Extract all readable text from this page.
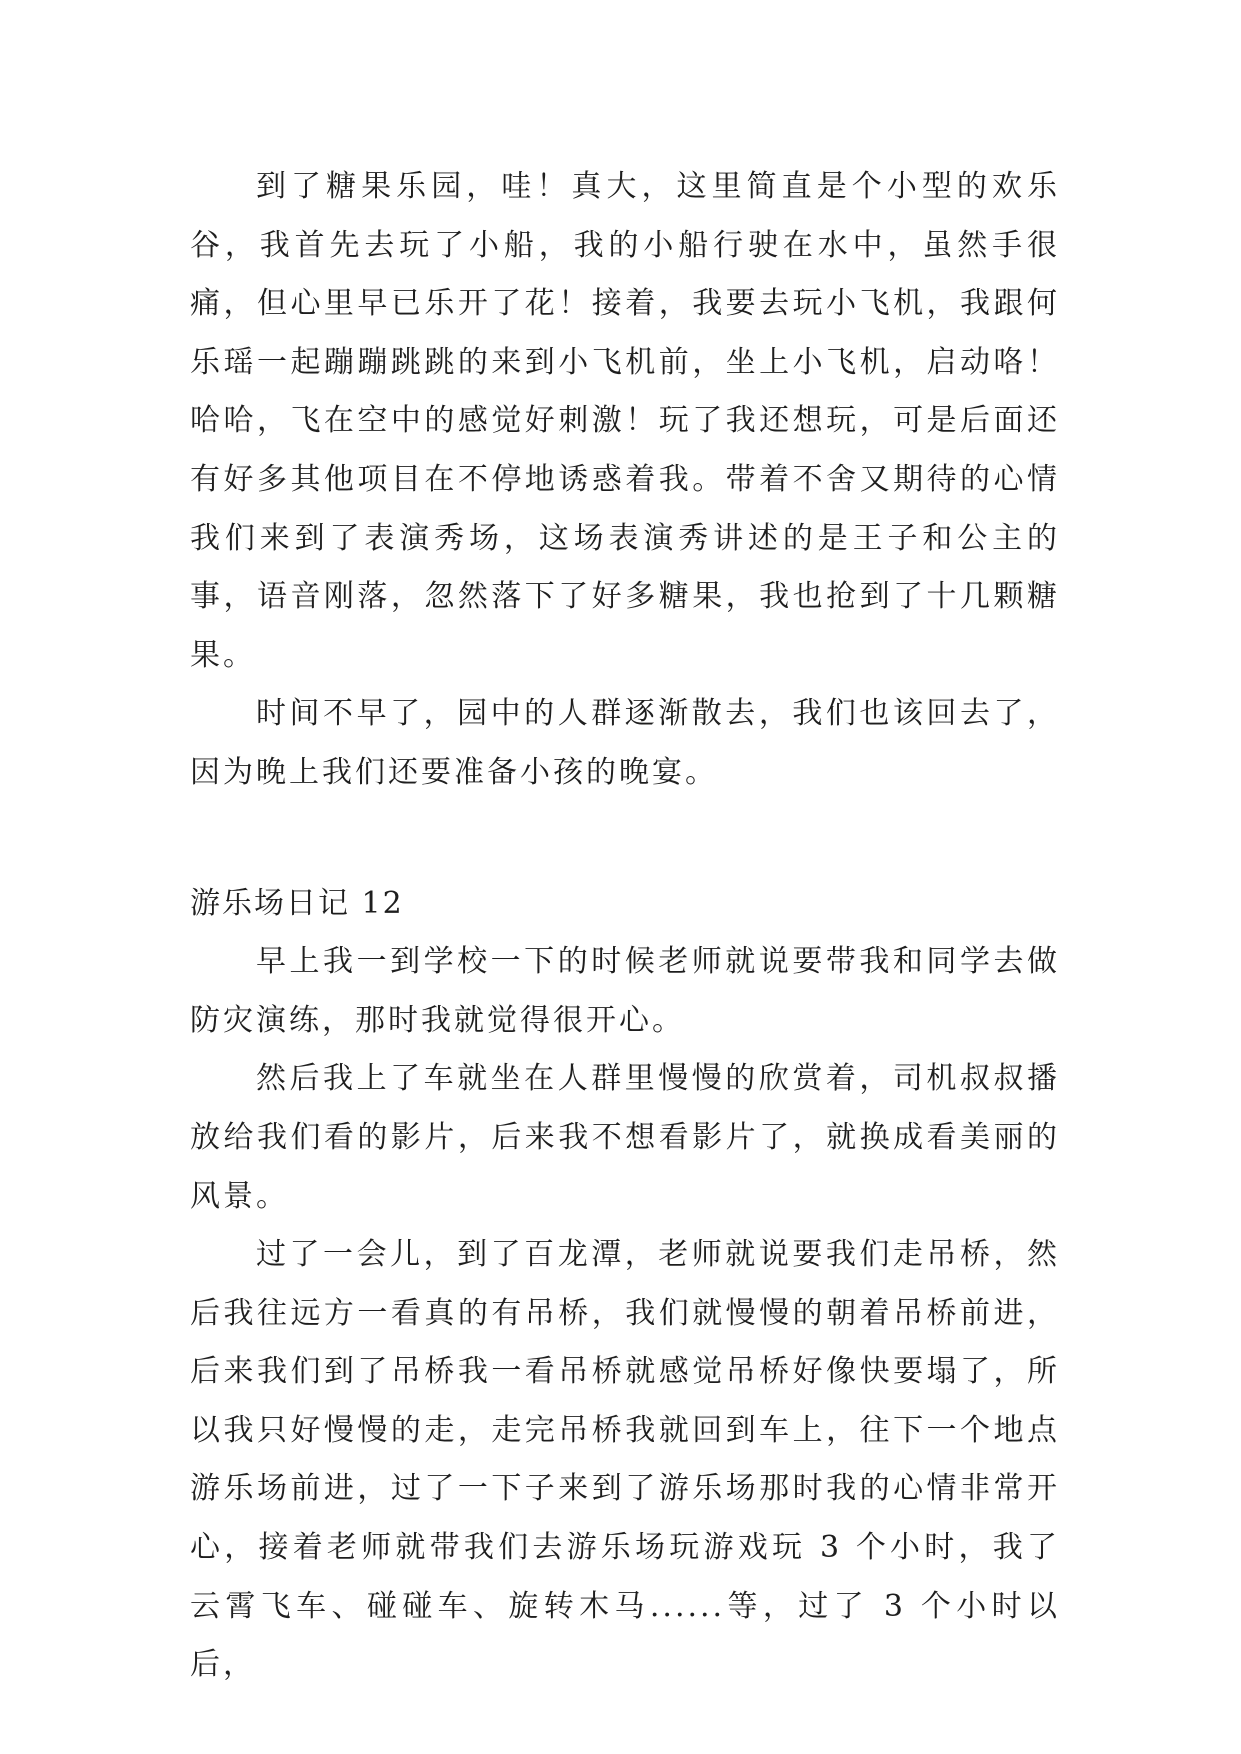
到了糖果乐园，哇！真大，这里简直是个小型的欢乐谷，我首先去玩了小船，我的小船行驶在水中，虽然手很痛，但心里早已乐开了花！接着，我要去玩小飞机，我跟何乐瑶一起蹦蹦跳跳的来到小飞机前，坐上小飞机，启动咯！哈哈，飞在空中的感觉好刺激！玩了我还想玩，可是后面还有好多其他项目在不停地诱惑着我。带着不舍又期待的心情我们来到了表演秀场，这场表演秀讲述的是王子和公主的事，语音刚落，忽然落下了好多糖果，我也抢到了十几颗糖果。

时间不早了，园中的人群逐渐散去，我们也该回去了，因为晚上我们还要准备小孩的晚宴。

游乐场日记 12

早上我一到学校一下的时候老师就说要带我和同学去做防灾演练，那时我就觉得很开心。

然后我上了车就坐在人群里慢慢的欣赏着，司机叔叔播放给我们看的影片，后来我不想看影片了，就换成看美丽的风景。

过了一会儿，到了百龙潭，老师就说要我们走吊桥，然后我往远方一看真的有吊桥，我们就慢慢的朝着吊桥前进，后来我们到了吊桥我一看吊桥就感觉吊桥好像快要塌了，所以我只好慢慢的走，走完吊桥我就回到车上，往下一个地点游乐场前进，过了一下子来到了游乐场那时我的心情非常开心，接着老师就带我们去游乐场玩游戏玩 3 个小时，我了云霄飞车、碰碰车、旋转木马......等，过了 3 个小时以后，
